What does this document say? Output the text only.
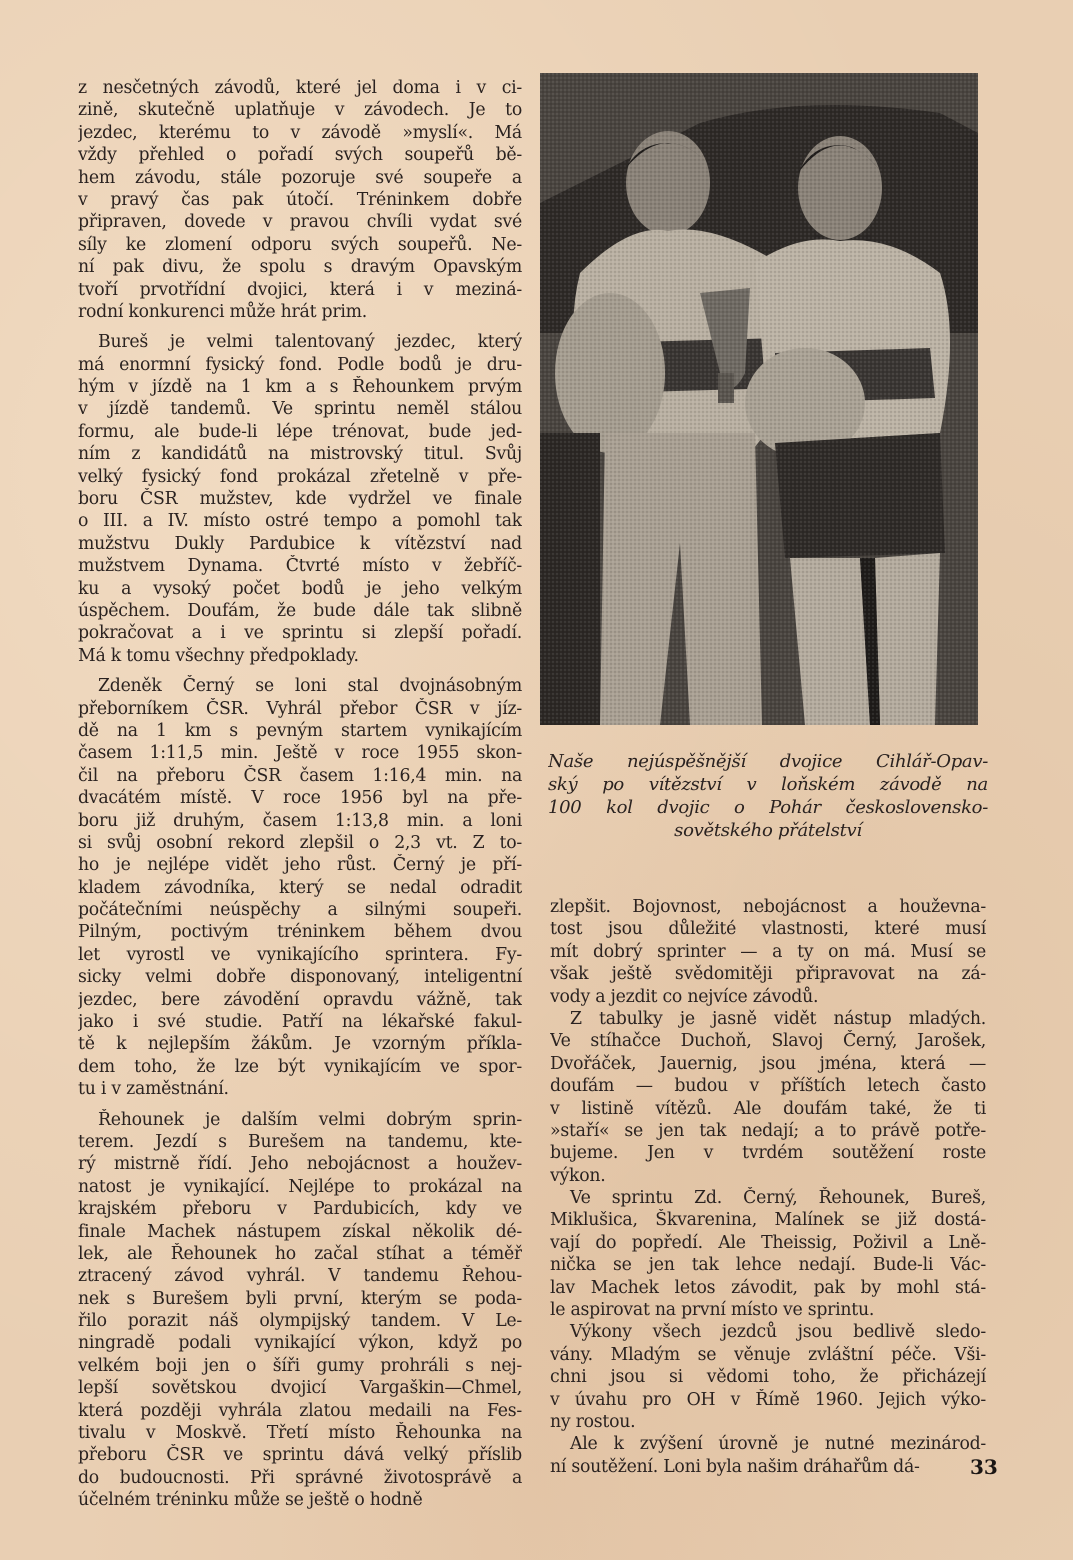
z nesčetných závodů, které jel doma i v ci-
zině, skutečně uplatňuje v závodech. Je to
jezdec, kterému to v závodě »myslí«. Má
vždy přehled o pořadí svých soupeřů bě-
hem závodu, stále pozoruje své soupeře a
v pravý čas pak útočí. Tréninkem dobře
připraven, dovede v pravou chvíli vydat své
síly ke zlomení odporu svých soupeřů. Ne-
ní pak divu, že spolu s dravým Opavským
tvoří prvotřídní dvojici, která i v meziná-
rodní konkurenci může hrát prim.

Bureš je velmi talentovaný jezdec, který
má enormní fysický fond. Podle bodů je dru-
hým v jízdě na 1 km a s Řehounkem prvým
v jízdě tandemů. Ve sprintu neměl stálou
formu, ale bude-li lépe trénovat, bude jed-
ním z kandidátů na mistrovský titul. Svůj
velký fysický fond prokázal zřetelně v pře-
boru ČSR mužstev, kde vydržel ve finale
o III. a IV. místo ostré tempo a pomohl tak
mužstvu Dukly Pardubice k vítězství nad
mužstvem Dynama. Čtvrté místo v žebříč-
ku a vysoký počet bodů je jeho velkým
úspěchem. Doufám, že bude dále tak slibně
pokračovat a i ve sprintu si zlepší pořadí.
Má k tomu všechny předpoklady.

Zdeněk Černý se loni stal dvojnásobným
přeborníkem ČSR. Vyhrál přebor ČSR v jíz-
dě na 1 km s pevným startem vynikajícím
časem 1:11,5 min. Ještě v roce 1955 skon-
čil na přeboru ČSR časem 1:16,4 min. na
dvacátém místě. V roce 1956 byl na pře-
boru již druhým, časem 1:13,8 min. a loni
si svůj osobní rekord zlepšil o 2,3 vt. Z to-
ho je nejlépe vidět jeho růst. Černý je pří-
kladem závodníka, který se nedal odradit
počátečními neúspěchy a silnými soupeři.
Pilným, poctivým tréninkem během dvou
let vyrostl ve vynikajícího sprintera. Fy-
sicky velmi dobře disponovaný, inteligentní
jezdec, bere závodění opravdu vážně, tak
jako i své studie. Patří na lékařské fakul-
tě k nejlepším žákům. Je vzorným příkla-
dem toho, že lze být vynikajícím ve spor-
tu i v zaměstnání.

Řehounek je dalším velmi dobrým sprin-
terem. Jezdí s Burešem na tandemu, kte-
rý mistrně řídí. Jeho nebojácnost a houžev-
natost je vynikající. Nejlépe to prokázal na
krajském přeboru v Pardubicích, kdy ve
finale Machek nástupem získal několik dé-
lek, ale Řehounek ho začal stíhat a téměř
ztracený závod vyhrál. V tandemu Řehou-
nek s Burešem byli první, kterým se poda-
řilo porazit náš olympijský tandem. V Le-
ningradě podali vynikající výkon, když po
velkém boji jen o šíři gumy prohráli s nej-
lepší sovětskou dvojicí Vargaškin—Chmel,
která později vyhrála zlatou medaili na Fes-
tivalu v Moskvě. Třetí místo Řehounka na
přeboru ČSR ve sprintu dává velký příslib
do budoucnosti. Při správné životosprávě a
účelném tréninku může se ještě o hodně

Naše nejúspěšnější dvojice Cihlář-Opav-
ský po vítězství v loňském závodě na
100 kol dvojic o Pohár československo-
sovětského přátelství

zlepšit. Bojovnost, nebojácnost a houževna-
tost jsou důležité vlastnosti, které musí
mít dobrý sprinter — a ty on má. Musí se
však ještě svědomitěji připravovat na zá-
vody a jezdit co nejvíce závodů.

Z tabulky je jasně vidět nástup mladých.
Ve stíhačce Duchoň, Slavoj Černý, Jarošek,
Dvořáček, Jauernig, jsou jména, která —
doufám — budou v příštích letech často
v listině vítězů. Ale doufám také, že ti
»staří« se jen tak nedají; a to právě potře-
bujeme. Jen v tvrdém soutěžení roste
výkon.

Ve sprintu Zd. Černý, Řehounek, Bureš,
Miklušica, Škvarenina, Malínek se již dostá-
vají do popředí. Ale Theissig, Poživil a Lně-
nička se jen tak lehce nedají. Bude-li Vác-
lav Machek letos závodit, pak by mohl stá-
le aspirovat na první místo ve sprintu.

Výkony všech jezdců jsou bedlivě sledo-
vány. Mladým se věnuje zvláštní péče. Vši-
chni jsou si vědomi toho, že přicházejí
v úvahu pro OH v Římě 1960. Jejich výko-
ny rostou.

Ale k zvýšení úrovně je nutné mezinárod-
ní soutěžení. Loni byla našim dráhařům dá-	33
